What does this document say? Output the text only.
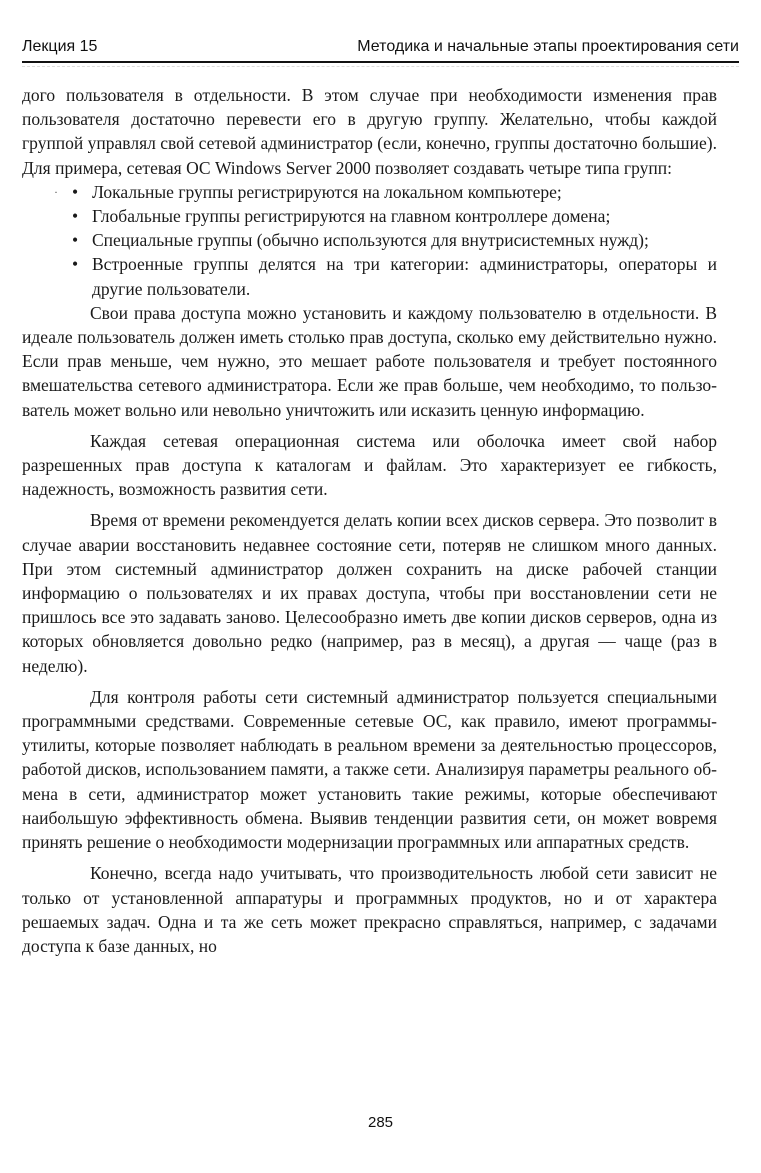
Лекция 15	Методика и начальные этапы проектирования сети

дого пользователя в отдельности. В этом случае при необходимости изменения прав пользователя достаточно перевести его в другую группу. Желательно, чтобы каждой группой управлял свой сетевой администратор (если, конечно, группы достаточно большие). Для примера, сетевая ОС Windows Server 2000 позволяет создавать четыре типа групп:

· • Локальные группы регистрируются на локальном компьютере;
• Глобальные группы регистрируются на главном контроллере домена;
• Специальные группы (обычно используются для внутрисистемных нужд);
• Встроенные группы делятся на три категории: администраторы, операторы и другие пользователи.

Свои права доступа можно установить и каждому пользователю в отдельности. В идеале пользователь должен иметь столько прав доступа, сколько ему действительно нужно. Если прав меньше, чем нужно, это мешает работе пользователя и требует постоянного вмешательства сетевого администратора. Если же прав больше, чем необходимо, то пользователь может вольно или невольно уничтожить или исказить ценную информацию.

Каждая сетевая операционная система или оболочка имеет свой набор разрешенных прав доступа к каталогам и файлам. Это характеризует ее гибкость, надежность, возможность развития сети.

Время от времени рекомендуется делать копии всех дисков сервера. Это позволит в случае аварии восстановить недавнее состояние сети, потеряв не слишком много данных. При этом системный администратор должен сохранить на диске рабочей станции информацию о пользователях и их правах доступа, чтобы при восстановлении сети не пришлось все это задавать заново. Целесообразно иметь две копии дисков серверов, одна из которых обновляется довольно редко (например, раз в месяц), а другая — чаще (раз в неделю).

Для контроля работы сети системный администратор пользуется специальными программными средствами. Современные сетевые ОС, как правило, имеют программы-утилиты, которые позволяет наблюдать в реальном времени за деятельностью процессоров, работой дисков, использованием памяти, а также сети. Анализируя параметры реального обмена в сети, администратор может установить такие режимы, которые обеспечивают наибольшую эффективность обмена. Выявив тенденции развития сети, он может вовремя принять решение о необходимости модернизации программных или аппаратных средств.

Конечно, всегда надо учитывать, что производительность любой сети зависит не только от установленной аппаратуры и программных продуктов, но и от характера решаемых задач. Одна и та же сеть может прекрасно справляться, например, с задачами доступа к базе данных, но

285
